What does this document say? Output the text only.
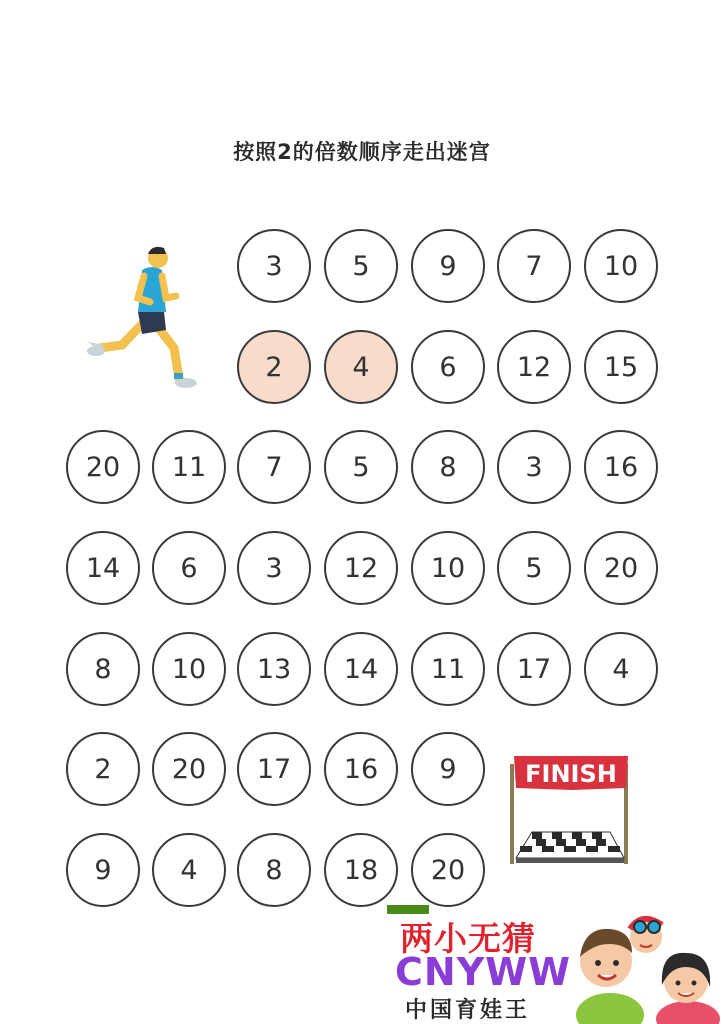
按照2的倍数顺序走出迷宫
3	5	9	7	10
2	4	6	12	15
20	11	7	5	8	3	16
14	6	3	12	10	5	20
8	10	13	14	11	17	4
2	20	17	16	9
9	4	8	18	20
FINISH
两小无猜
CNYWW
中国育娃王
